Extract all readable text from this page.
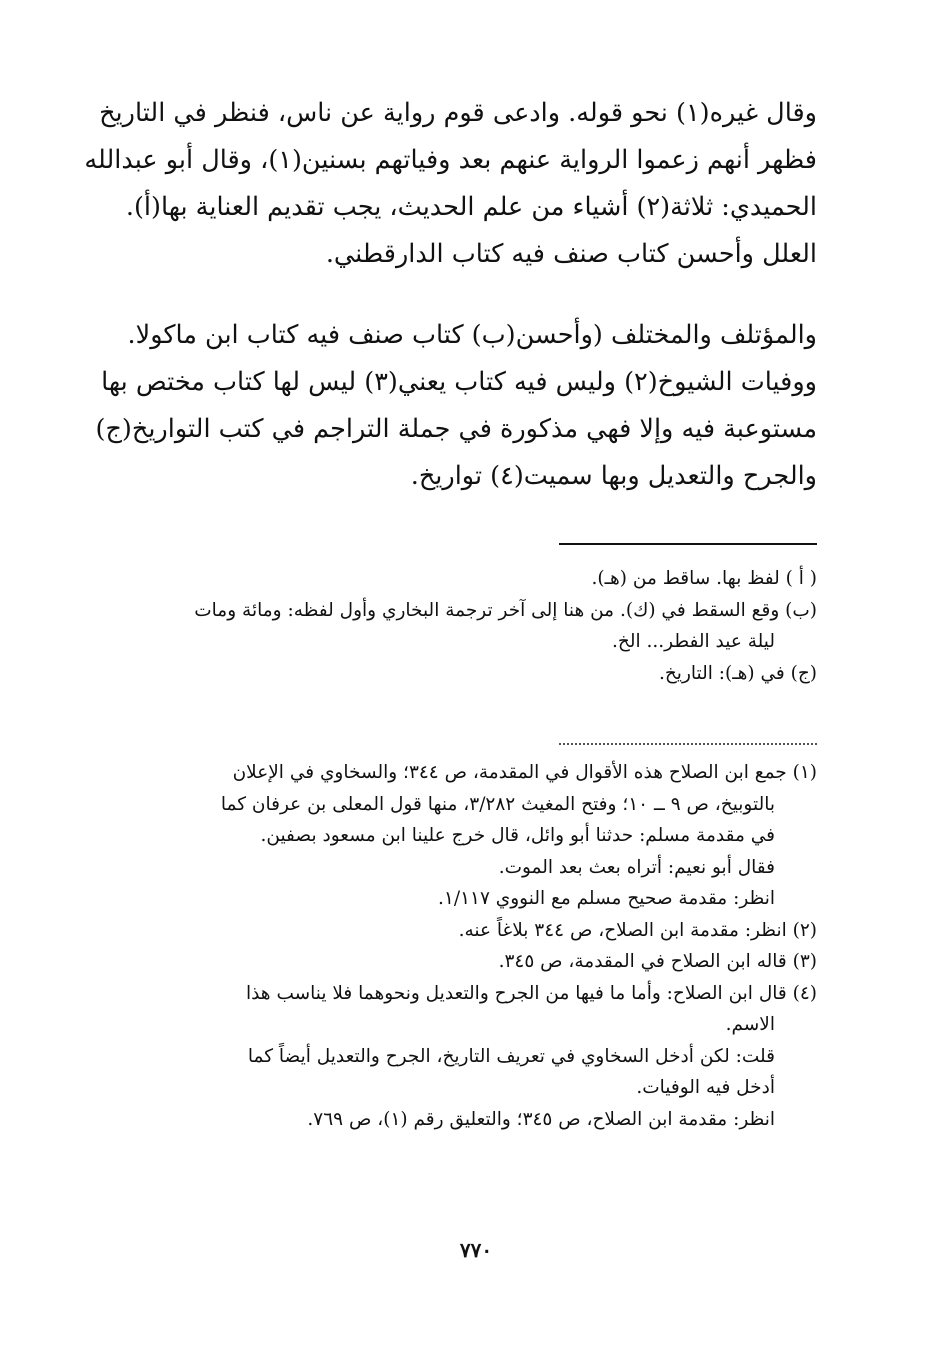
وقال غيره(١) نحو قوله. وادعى قوم رواية عن ناس، فنظر في التاريخ
فظهر أنهم زعموا الرواية عنهم بعد وفياتهم بسنين(١)، وقال أبو عبدالله
الحميدي: ثلاثة(٢) أشياء من علم الحديث، يجب تقديم العناية بها(أ).
العلل وأحسن كتاب صنف فيه كتاب الدارقطني.
والمؤتلف والمختلف (وأحسن(ب) كتاب صنف فيه كتاب ابن ماكولا.
ووفيات الشيوخ(٢) وليس فيه كتاب يعني(٣) ليس لها كتاب مختص بها
مستوعبة فيه وإلا فهي مذكورة في جملة التراجم في كتب التواريخ(ج)
والجرح والتعديل وبها سميت(٤) تواريخ.
( أ ) لفظ بها. ساقط من (هـ).
(ب) وقع السقط في (ك). من هنا إلى آخر ترجمة البخاري وأول لفظه: ومائة ومات
ليلة عيد الفطر... الخ.
(ج) في (هـ): التاريخ.
(١) جمع ابن الصلاح هذه الأقوال في المقدمة، ص ٣٤٤؛ والسخاوي في الإعلان
بالتوبيخ، ص ٩ ــ ١٠؛ وفتح المغيث ٣/٢٨٢، منها قول المعلى بن عرفان كما
في مقدمة مسلم: حدثنا أبو وائل، قال خرج علينا ابن مسعود بصفين.
فقال أبو نعيم: أتراه بعث بعد الموت.
انظر: مقدمة صحيح مسلم مع النووي ١/١١٧.
(٢) انظر: مقدمة ابن الصلاح، ص ٣٤٤ بلاغاً عنه.
(٣) قاله ابن الصلاح في المقدمة، ص ٣٤٥.
(٤) قال ابن الصلاح: وأما ما فيها من الجرح والتعديل ونحوهما فلا يناسب هذا
الاسم.
قلت: لكن أدخل السخاوي في تعريف التاريخ، الجرح والتعديل أيضاً كما
أدخل فيه الوفيات.
انظر: مقدمة ابن الصلاح، ص ٣٤٥؛ والتعليق رقم (١)، ص ٧٦٩.
٧٧٠
